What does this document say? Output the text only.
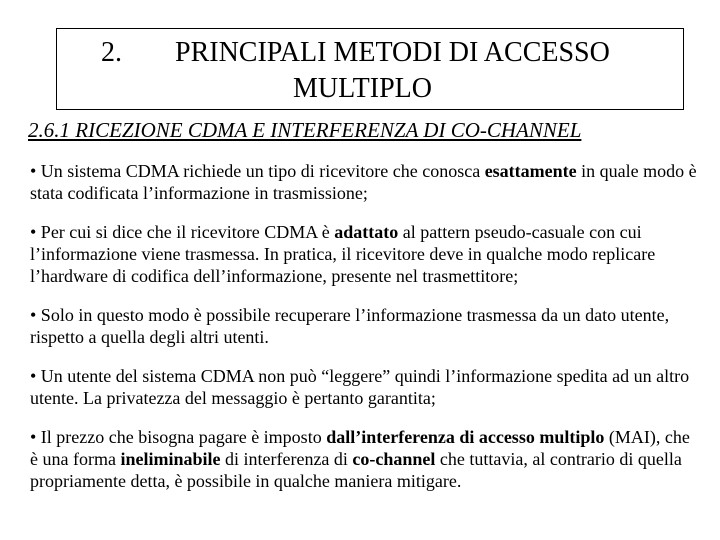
2. PRINCIPALI METODI DI ACCESSO
MULTIPLO
2.6.1 RICEZIONE CDMA E INTERFERENZA DI CO-CHANNEL

• Un sistema CDMA richiede un tipo di ricevitore che conosca esattamente in quale modo è stata codificata l’informazione in trasmissione;

• Per cui si dice che il ricevitore CDMA è adattato al pattern pseudo-casuale con cui l’informazione viene trasmessa. In pratica, il ricevitore deve in qualche modo replicare l’hardware di codifica dell’informazione, presente nel trasmettitore;

• Solo in questo modo è possibile recuperare l’informazione trasmessa da un dato utente, rispetto a quella degli altri utenti.

• Un utente del sistema CDMA non può “leggere” quindi l’informazione spedita ad un altro utente. La privatezza del messaggio è pertanto garantita;

• Il prezzo che bisogna pagare è imposto dall’interferenza di accesso multiplo (MAI), che è una forma ineliminabile di interferenza di co-channel che tuttavia, al contrario di quella propriamente detta, è possibile in qualche maniera mitigare.
